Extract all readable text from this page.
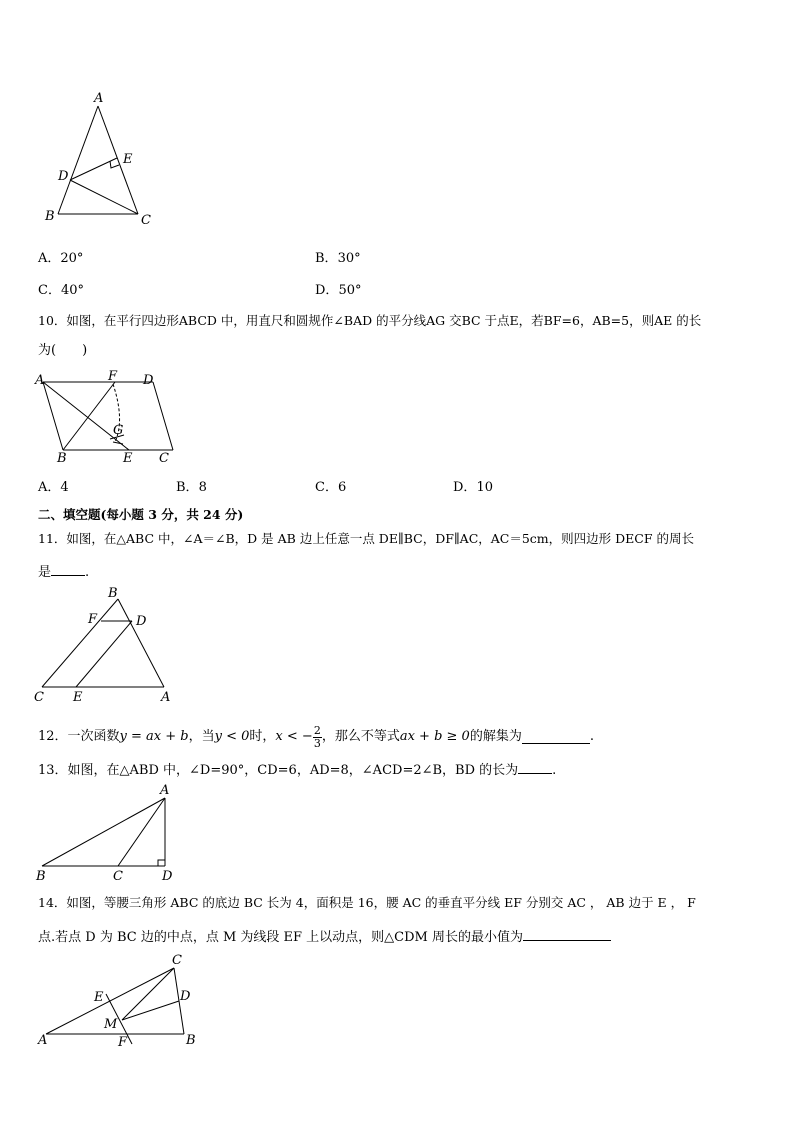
A
E
D
B	C
A．20°	B．30°
C．40°	D．50°
10．如图，在平行四边形ABCD 中，用直尺和圆规作∠BAD 的平分线AG 交BC 于点E，若BF=6，AB=5，则AE 的长
为(　　)
A	F D
G
B	E C
A．4	B．8	C．6	D．10
二、填空题(每小题 3 分，共 24 分)
11．如图，在△ABC 中，∠A＝∠B，D 是 AB 边上任意一点 DE∥BC，DF∥AC，AC＝5cm，则四边形 DECF 的周长
是	.
B
F	D
C E	A
12．一次函数 y = ax + b ，当 y < 0 时， x < − $\frac{2}{3}$ ，那么不等式 ax + b ≥ 0 的解集为	.
13．如图，在△ABD 中，∠D=90°，CD=6，AD=8，∠ACD=2∠B，BD 的长为	.
A
B	C	D
14．如图，等腰三角形 ABC 的底边 BC 长为 4，面积是 16，腰 AC 的垂直平分线 EF 分别交 AC ， AB 边于 E ， F
点.若点 D 为 BC 边的中点，点 M 为线段 EF 上以动点，则△CDM 周长的最小值为
C
D
E
M
A	F	B
